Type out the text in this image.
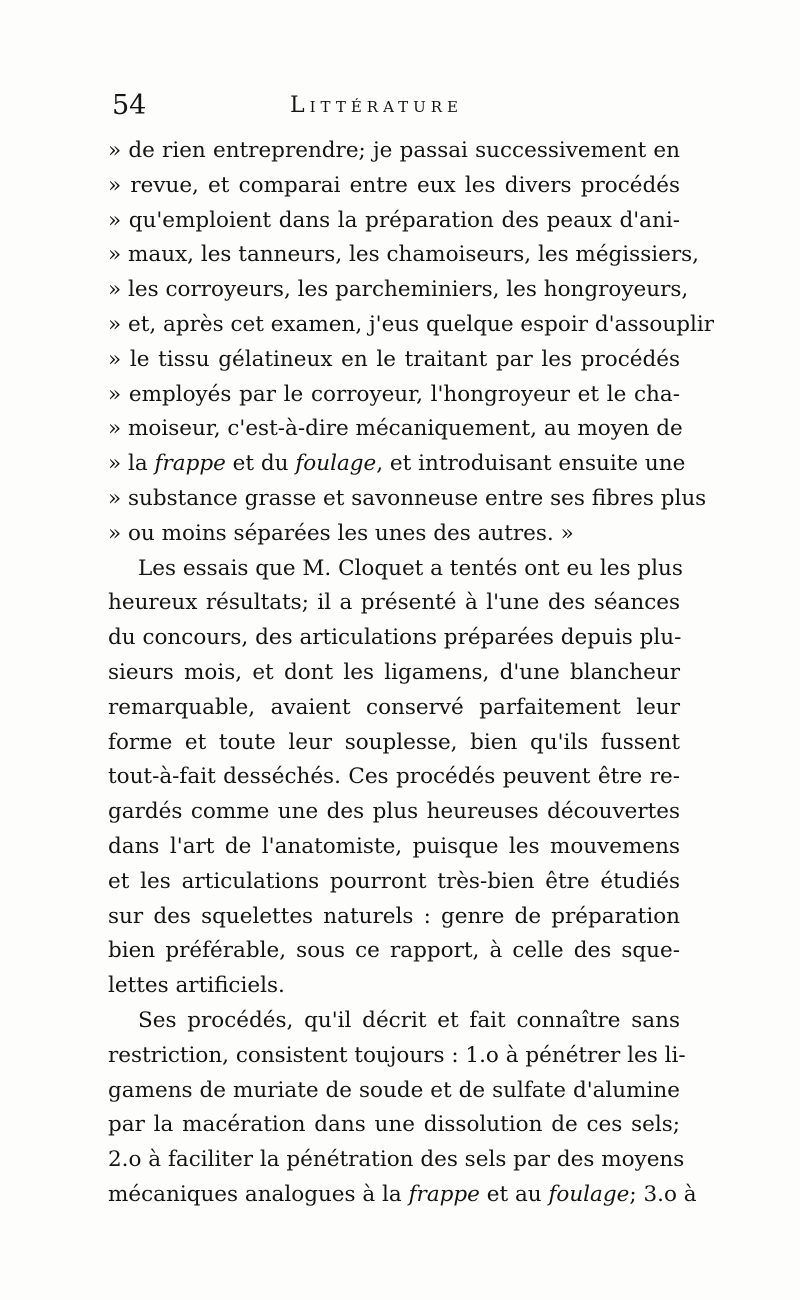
54	Littérature
» de rien entreprendre; je passai successivement en
» revue, et comparai entre eux les divers procédés
» qu'emploient dans la préparation des peaux d'ani-
» maux, les tanneurs, les chamoiseurs, les mégissiers,
» les corroyeurs, les parcheminiers, les hongroyeurs,
» et, après cet examen, j'eus quelque espoir d'assouplir
» le tissu gélatineux en le traitant par les procédés
» employés par le corroyeur, l'hongroyeur et le cha-
» moiseur, c'est-à-dire mécaniquement, au moyen de
» la frappe et du foulage, et introduisant ensuite une
» substance grasse et savonneuse entre ses fibres plus
» ou moins séparées les unes des autres. »
Les essais que M. Cloquet a tentés ont eu les plus
heureux résultats; il a présenté à l'une des séances
du concours, des articulations préparées depuis plu-
sieurs mois, et dont les ligamens, d'une blancheur
remarquable, avaient conservé parfaitement leur
forme et toute leur souplesse, bien qu'ils fussent
tout-à-fait desséchés. Ces procédés peuvent être re-
gardés comme une des plus heureuses découvertes
dans l'art de l'anatomiste, puisque les mouvemens
et les articulations pourront très-bien être étudiés
sur des squelettes naturels : genre de préparation
bien préférable, sous ce rapport, à celle des sque-
lettes artificiels.
Ses procédés, qu'il décrit et fait connaître sans
restriction, consistent toujours : 1.o à pénétrer les li-
gamens de muriate de soude et de sulfate d'alumine
par la macération dans une dissolution de ces sels;
2.o à faciliter la pénétration des sels par des moyens
mécaniques analogues à la frappe et au foulage; 3.o à
